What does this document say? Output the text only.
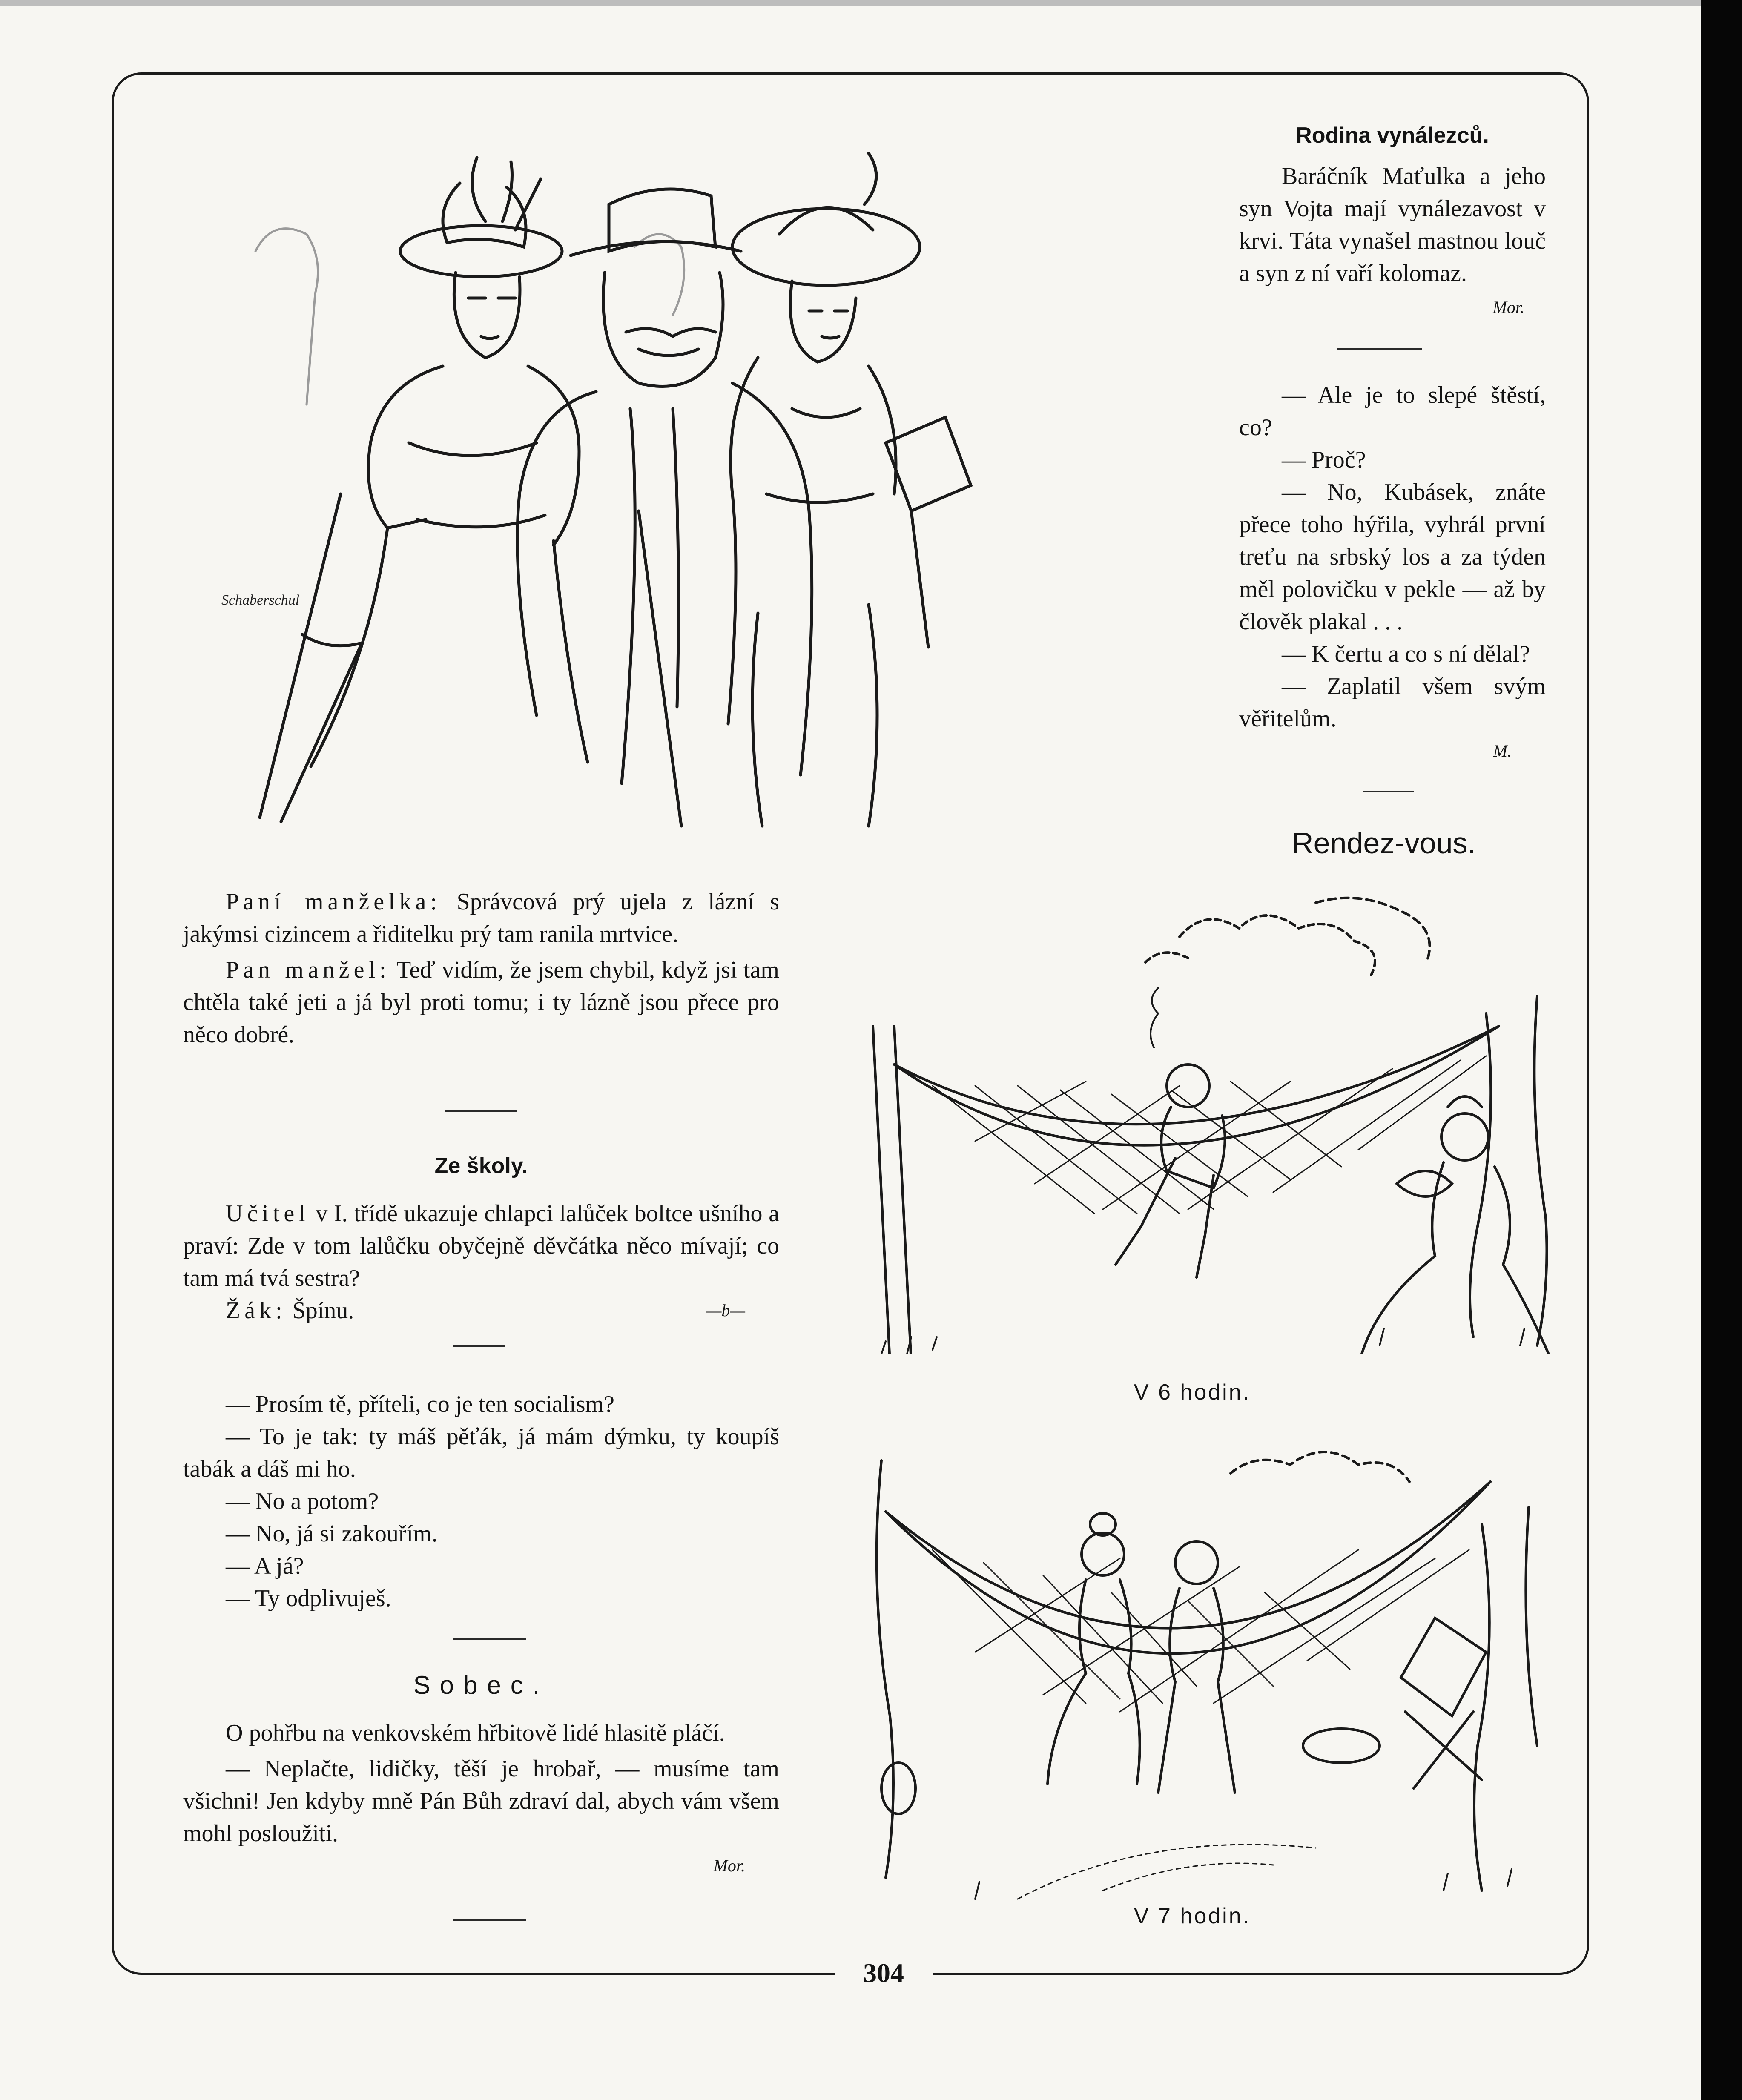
304
Schaberschul
Rodina vynálezců.

Baráčník Maťulka a jeho syn Vojta mají vynálezavost v krvi. Táta vynašel mastnou louč a syn z ní vaří kolomaz.

Mor.

— Ale je to slepé štěstí, co?

— Proč?

— No, Kubásek, znáte přece toho hýřila, vyhrál první treťu na srbský los a za týden měl polovičku v pekle — až by člověk plakal . . .

— K čertu a co s ní dělal?

— Zaplatil všem svým věřitelům.

M.
Rendez-vous.

Paní manželka: Správcová prý ujela z lázní s jakýmsi cizincem a řiditelku prý tam ranila mrtvice.

Pan manžel: Teď vidím, že jsem chybil, když jsi tam chtěla také jeti a já byl proti tomu; i ty lázně jsou přece pro něco dobré.

Ze školy.

Učitel v I. třídě ukazuje chlapci lalůček boltce ušního a praví: Zde v tom lalůčku obyčejně děvčátka něco mívají; co tam má tvá sestra?

Žák: Špínu.	—b—

— Prosím tě, příteli, co je ten socialism?

— To je tak: ty máš pěťák, já mám dýmku, ty koupíš tabák a dáš mi ho.

— No a potom?

— No, já si zakouřím.

— A já?

— Ty odplivuješ.

Sobec.

O pohřbu na venkovském hřbitově lidé hlasitě pláčí.

— Neplačte, lidičky, těší je hrobař, — musíme tam všichni! Jen kdyby mně Pán Bůh zdraví dal, abych vám všem mohl posloužiti.

Mor.
V 6 hodin.
V 7 hodin.
